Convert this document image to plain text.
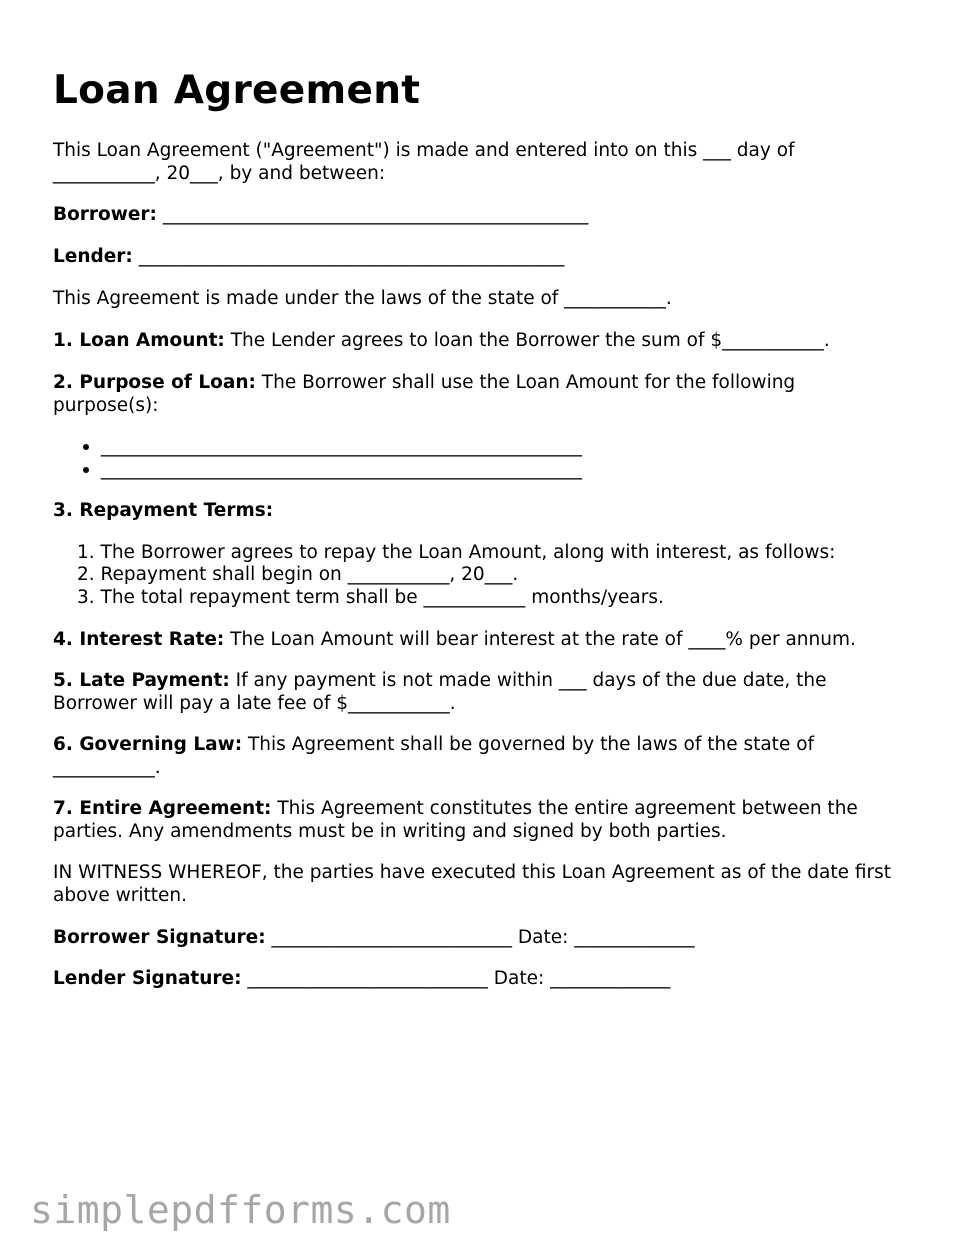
Loan Agreement

This Loan Agreement ("Agreement") is made and entered into on this ___ day of ___________, 20___, by and between:

Borrower: ______________________________________________

Lender: ______________________________________________

This Agreement is made under the laws of the state of ___________.

1. Loan Amount: The Lender agrees to loan the Borrower the sum of $___________.

2. Purpose of Loan: The Borrower shall use the Loan Amount for the following purpose(s):

____________________________________________________

____________________________________________________

3. Repayment Terms:

1. The Borrower agrees to repay the Loan Amount, along with interest, as follows:

2. Repayment shall begin on ___________, 20___.

3. The total repayment term shall be ___________ months/years.

4. Interest Rate: The Loan Amount will bear interest at the rate of ____% per annum.

5. Late Payment: If any payment is not made within ___ days of the due date, the Borrower will pay a late fee of $___________.

6. Governing Law: This Agreement shall be governed by the laws of the state of ___________.

7. Entire Agreement: This Agreement constitutes the entire agreement between the parties. Any amendments must be in writing and signed by both parties.

IN WITNESS WHEREOF, the parties have executed this Loan Agreement as of the date first above written.

Borrower Signature: __________________________ Date: _____________

Lender Signature: __________________________ Date: _____________

simplepdfforms.com
